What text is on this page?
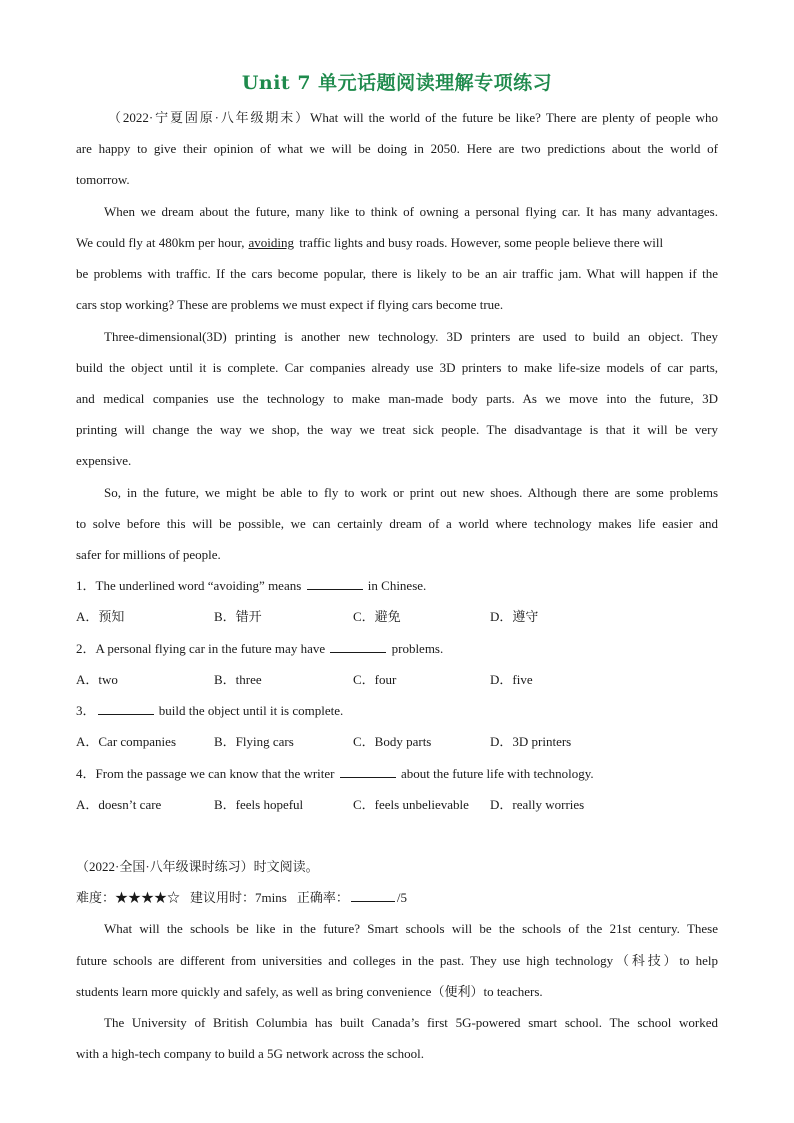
Unit 7 单元话题阅读理解专项练习
（2022·宁夏固原·八年级期末）What will the world of the future be like? There are plenty of people who
are happy to give their opinion of what we will be doing in 2050. Here are two predictions about the world of
tomorrow.
When we dream about the future, many like to think of owning a personal flying car. It has many advantages.
We could fly at 480km per hour, avoiding traffic lights and busy roads. However, some people believe there will
be problems with traffic. If the cars become popular, there is likely to be an air traffic jam. What will happen if the
cars stop working? These are problems we must expect if flying cars become true.
Three-dimensional(3D) printing is another new technology. 3D printers are used to build an object. They
build the object until it is complete. Car companies already use 3D printers to make life-size models of car parts,
and medical companies use the technology to make man-made body parts. As we move into the future, 3D
printing will change the way we shop, the way we treat sick people. The disadvantage is that it will be very
expensive.
So, in the future, we might be able to fly to work or print out new shoes. Although there are some problems
to solve before this will be possible, we can certainly dream of a world where technology makes life easier and
safer for millions of people.
1．The underlined word “avoiding” means	in Chinese.
A．预知	B．错开	C．避免	D．遵守
2．A personal flying car in the future may have	problems.
A．two	B．three	C．four	D．five
3．	build the object until it is complete.
A．Car companies	B．Flying cars	C．Body parts	D．3D printers
4．From the passage we can know that the writer	about the future life with technology.
A．doesn’t care	B．feels hopeful	C．feels unbelievable D．really worries
（2022·全国·八年级课时练习）时文阅读。
难度：★★★★☆ 建议用时：7mins 正确率：	/5
What will the schools be like in the future? Smart schools will be the schools of the 21st century. These
future schools are different from universities and colleges in the past. They use high technology（科技）to help
students learn more quickly and safely, as well as bring convenience（便利）to teachers.
The University of British Columbia has built Canada’s first 5G-powered smart school. The school worked
with a high-tech company to build a 5G network across the school.
